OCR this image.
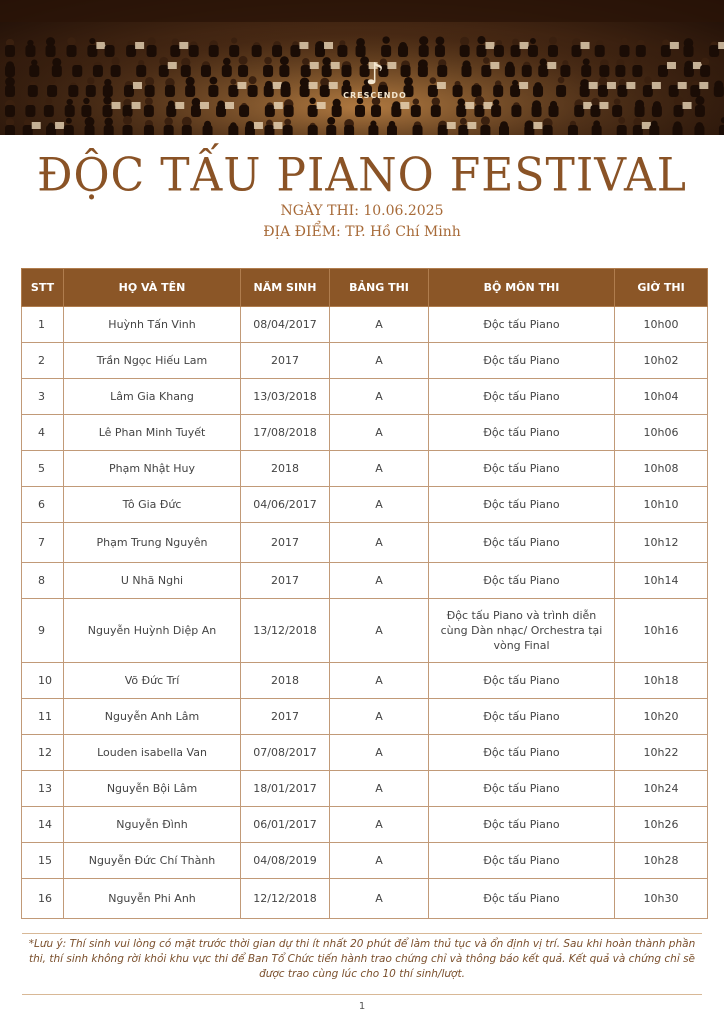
♪
CRESCENDO
ĐỘC TẤU PIANO FESTIVAL
NGÀY THI: 10.06.2025
ĐỊA ĐIỂM: TP. Hồ Chí Minh
STT	HỌ VÀ TÊN	NĂM SINH	BẢNG THI	BỘ MÔN THI	GIỜ THI
1	Huỳnh Tấn Vinh	08/04/2017	A	Độc tấu Piano	10h00
2	Trần Ngọc Hiếu Lam	2017	A	Độc tấu Piano	10h02
3	Lâm Gia Khang	13/03/2018	A	Độc tấu Piano	10h04
4	Lê Phan Minh Tuyết	17/08/2018	A	Độc tấu Piano	10h06
5	Phạm Nhật Huy	2018	A	Độc tấu Piano	10h08
6	Tô Gia Đức	04/06/2017	A	Độc tấu Piano	10h10
7	Phạm Trung Nguyên	2017	A	Độc tấu Piano	10h12
8	U Nhã Nghi	2017	A	Độc tấu Piano	10h14
9	Nguyễn Huỳnh Diệp An	13/12/2018	A	Độc tấu Piano và trình diễn cùng Dàn nhạc/ Orchestra tại vòng Final	10h16
10	Võ Đức Trí	2018	A	Độc tấu Piano	10h18
11	Nguyễn Anh Lâm	2017	A	Độc tấu Piano	10h20
12	Louden isabella Van	07/08/2017	A	Độc tấu Piano	10h22
13	Nguyễn Bội Lâm	18/01/2017	A	Độc tấu Piano	10h24
14	Nguyễn Đình	06/01/2017	A	Độc tấu Piano	10h26
15	Nguyễn Đức Chí Thành	04/08/2019	A	Độc tấu Piano	10h28
16	Nguyễn Phi Anh	12/12/2018	A	Độc tấu Piano	10h30
*Lưu ý: Thí sinh vui lòng có mặt trước thời gian dự thi ít nhất 20 phút để làm thủ tục và ổn định vị trí. Sau khi hoàn thành phần thi, thí sinh không rời khỏi khu vực thi để Ban Tổ Chức tiến hành trao chứng chỉ và thông báo kết quả. Kết quả và chứng chỉ sẽ được trao cùng lúc cho 10 thí sinh/lượt.
1
